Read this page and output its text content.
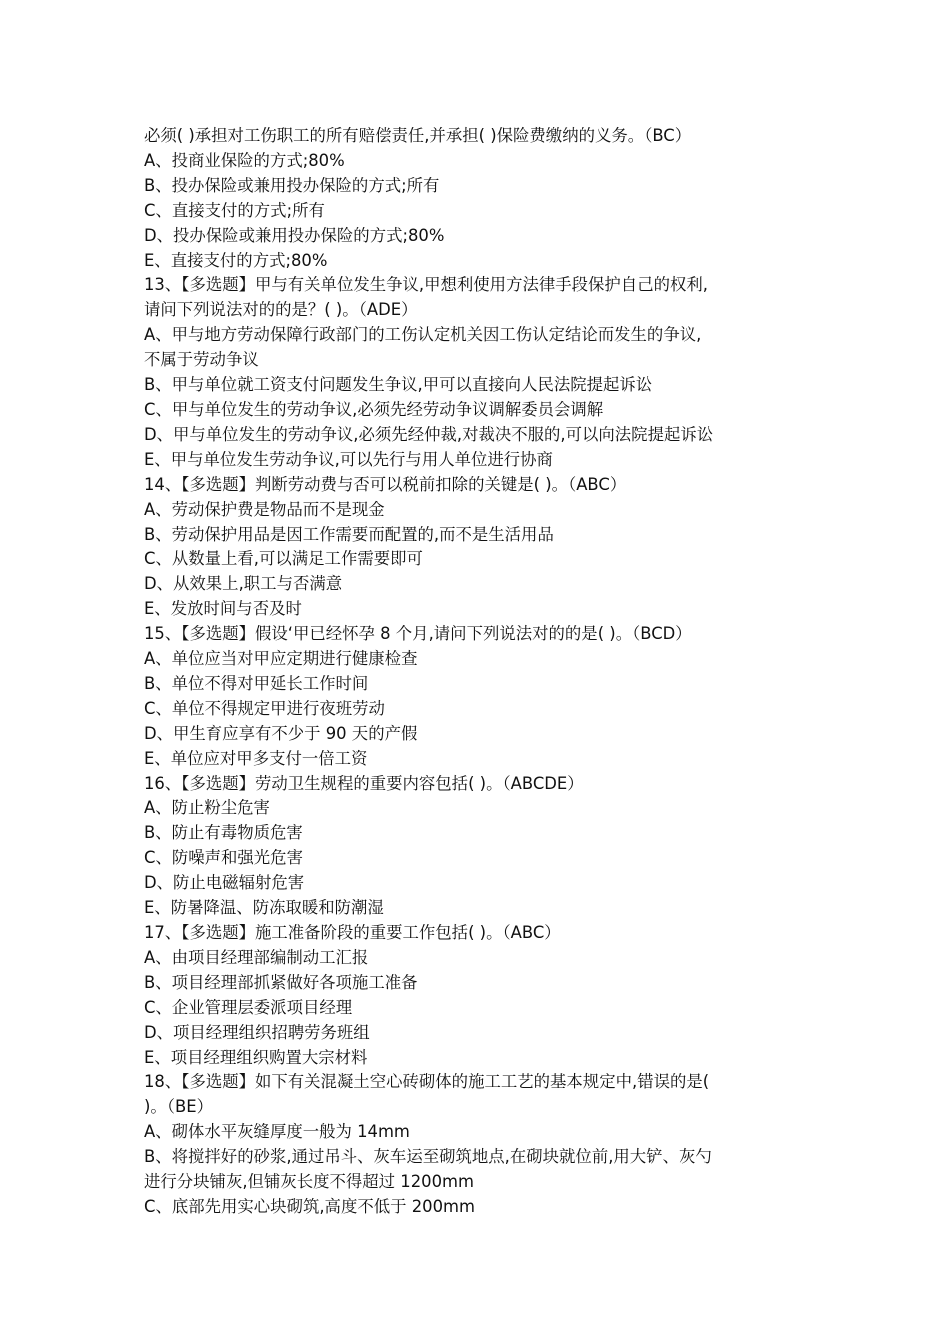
必须( )承担对工伤职工的所有赔偿责任,并承担( )保险费缴纳的义务。（BC）
A、投商业保险的方式;80%
B、投办保险或兼用投办保险的方式;所有
C、直接支付的方式;所有
D、投办保险或兼用投办保险的方式;80%
E、直接支付的方式;80%
13、【多选题】甲与有关单位发生争议,甲想利使用方法律手段保护自己的权利,
请问下列说法对的的是？( )。（ADE）
A、甲与地方劳动保障行政部门的工伤认定机关因工伤认定结论而发生的争议,
不属于劳动争议
B、甲与单位就工资支付问题发生争议,甲可以直接向人民法院提起诉讼
C、甲与单位发生的劳动争议,必须先经劳动争议调解委员会调解
D、甲与单位发生的劳动争议,必须先经仲裁,对裁决不服的,可以向法院提起诉讼
E、甲与单位发生劳动争议,可以先行与用人单位进行协商
14、【多选题】判断劳动费与否可以税前扣除的关键是( )。（ABC）
A、劳动保护费是物品而不是现金
B、劳动保护用品是因工作需要而配置的,而不是生活用品
C、从数量上看,可以满足工作需要即可
D、从效果上,职工与否满意
E、发放时间与否及时
15、【多选题】假设‘甲已经怀孕 8 个月,请问下列说法对的的是( )。（BCD）
A、单位应当对甲应定期进行健康检查
B、单位不得对甲延长工作时间
C、单位不得规定甲进行夜班劳动
D、甲生育应享有不少于 90 天的产假
E、单位应对甲多支付一倍工资
16、【多选题】劳动卫生规程的重要内容包括( )。（ABCDE）
A、防止粉尘危害
B、防止有毒物质危害
C、防噪声和强光危害
D、防止电磁辐射危害
E、防暑降温、防冻取暖和防潮湿
17、【多选题】施工准备阶段的重要工作包括( )。（ABC）
A、由项目经理部编制动工汇报
B、项目经理部抓紧做好各项施工准备
C、企业管理层委派项目经理
D、项目经理组织招聘劳务班组
E、项目经理组织购置大宗材料
18、【多选题】如下有关混凝土空心砖砌体的施工工艺的基本规定中,错误的是(
)。（BE）
A、砌体水平灰缝厚度一般为 14mm
B、将搅拌好的砂浆,通过吊斗、灰车运至砌筑地点,在砌块就位前,用大铲、灰勺
进行分块铺灰,但铺灰长度不得超过 1200mm
C、底部先用实心块砌筑,高度不低于 200mm
